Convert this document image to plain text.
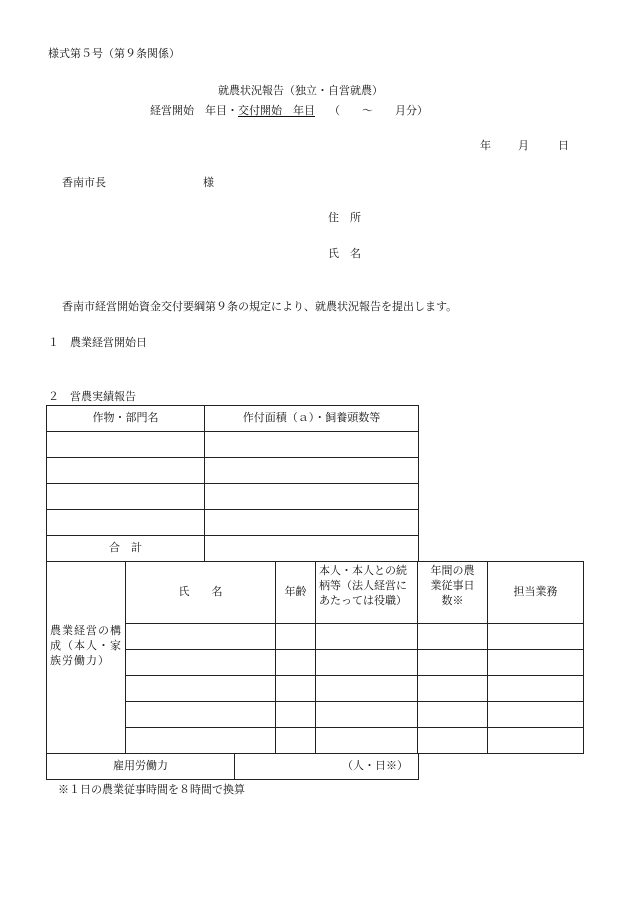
様式第５号（第９条関係）
就農状況報告（独立・自営就農）
経営開始　年目・交付開始　年目 （　　〜　　月分）
年 月	日
香南市長	様
住　所
氏　名
香南市経営開始資金交付要綱第９条の規定により、就農状況報告を提出します。
１　農業経営開始日
２　営農実績報告
作物・部門名	作付面積（ａ）・飼養頭数等

合　計	
農業経営の構成（本人・家族労働力）	氏　　名	年齢	本人・本人との続柄等（法人経営にあたっては役職）	年間の農業従事日数※	担当業務

雇用労働力	（人・日※）
※１日の農業従事時間を８時間で換算
